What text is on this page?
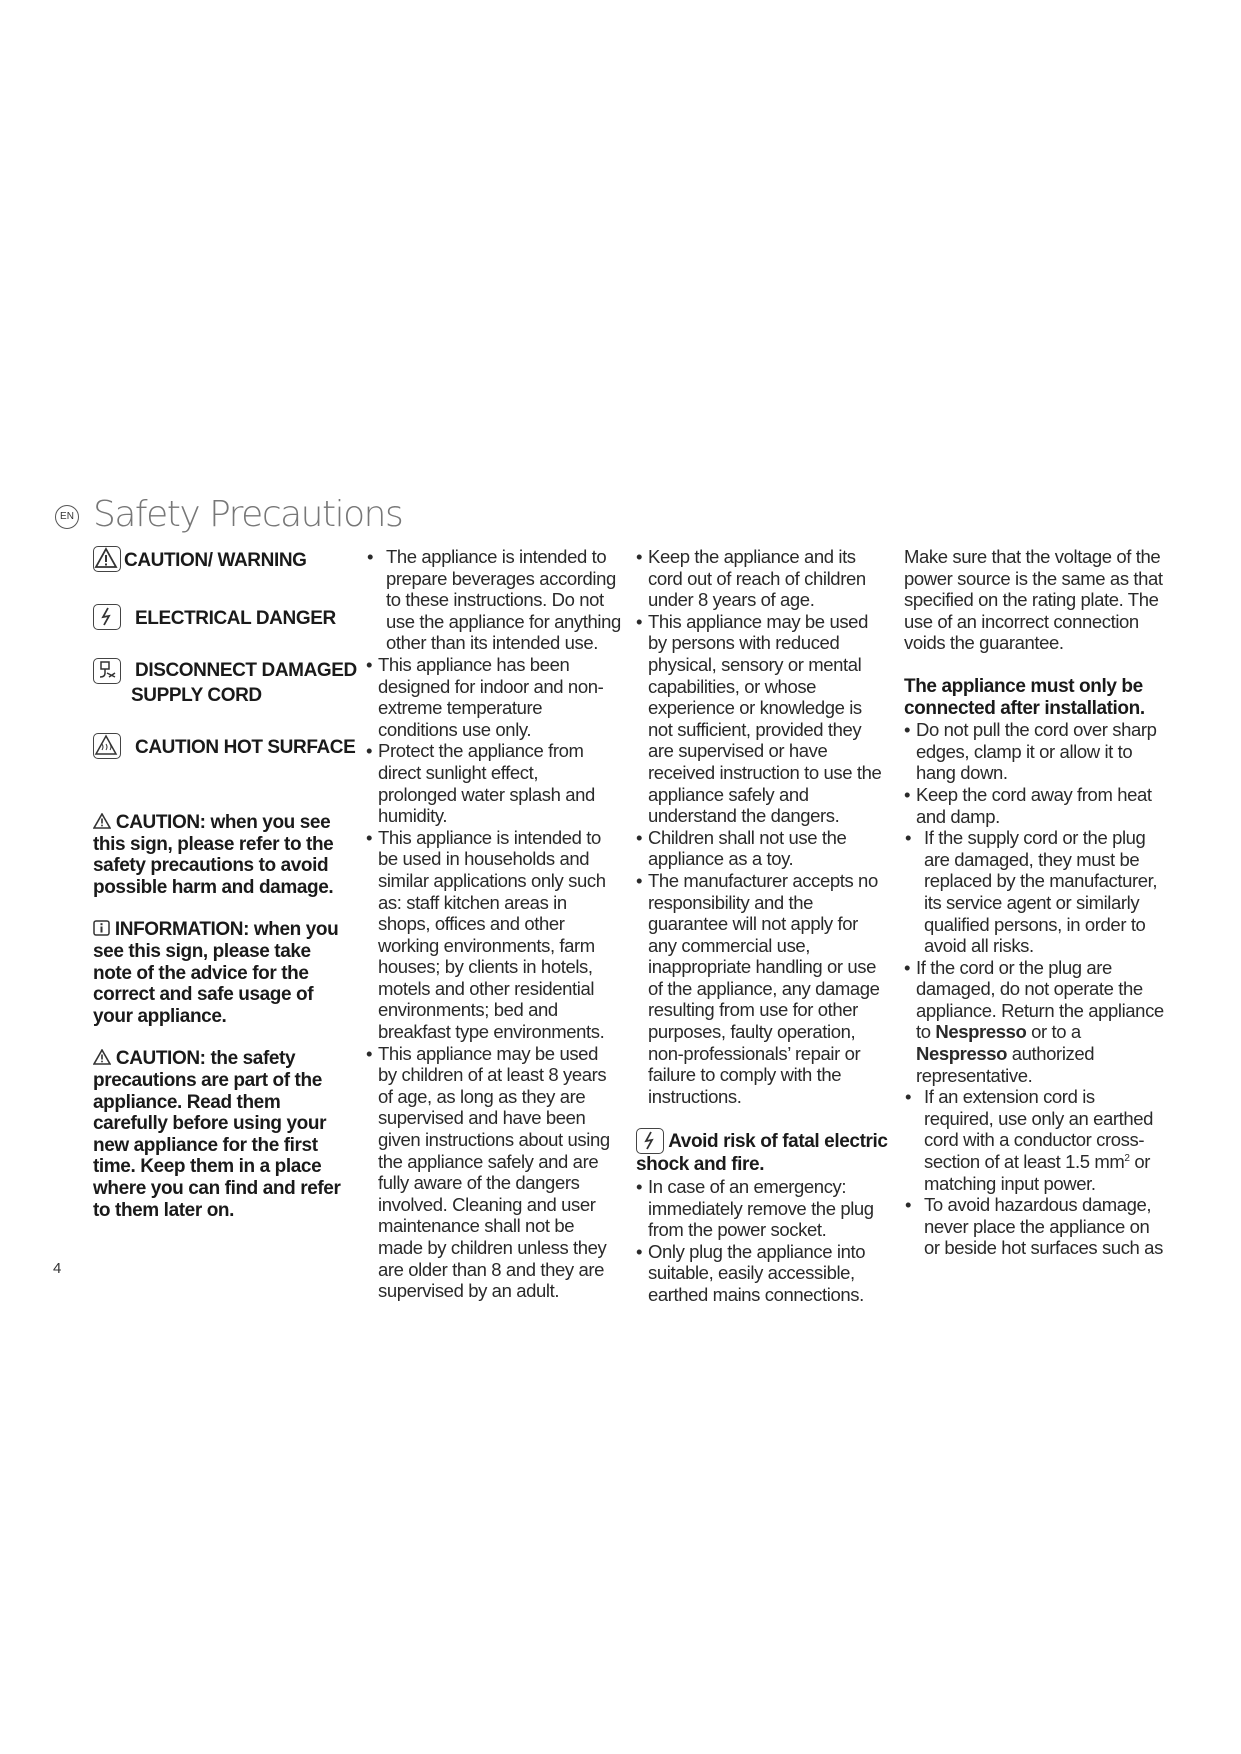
EN Safety Precautions
CAUTION/ WARNING
ELECTRICAL DANGER
DISCONNECT DAMAGED
SUPPLY CORD
CAUTION HOT SURFACE

CAUTION: when you see this sign, please refer to the safety precautions to avoid possible harm and damage.

INFORMATION: when you see this sign, please take note of the advice for the correct and safe usage of your appliance.

CAUTION: the safety precautions are part of the appliance. Read them carefully before using your new appliance for the first time. Keep them in a place where you can find and refer to them later on.

• The appliance is intended to prepare beverages according to these instructions. Do not use the appliance for anything other than its intended use.
• This appliance has been designed for indoor and non-extreme temperature conditions use only.
• Protect the appliance from direct sunlight effect, prolonged water splash and humidity.
• This appliance is intended to be used in households and similar applications only such as: staff kitchen areas in shops, offices and other working environments, farm houses; by clients in hotels, motels and other residential environments; bed and breakfast type environments.
• This appliance may be used by children of at least 8 years of age, as long as they are supervised and have been given instructions about using the appliance safely and are fully aware of the dangers involved. Cleaning and user maintenance shall not be made by children unless they are older than 8 and they are supervised by an adult.
• Keep the appliance and its cord out of reach of children under 8 years of age.
• This appliance may be used by persons with reduced physical, sensory or mental capabilities, or whose experience or knowledge is not sufficient, provided they are supervised or have received instruction to use the appliance safely and understand the dangers.
• Children shall not use the appliance as a toy.
• The manufacturer accepts no responsibility and the guarantee will not apply for any commercial use, inappropriate handling or use of the appliance, any damage resulting from use for other purposes, faulty operation, non-professionals’ repair or failure to comply with the instructions.

Avoid risk of fatal electric shock and fire.

• In case of an emergency: immediately remove the plug from the power socket.
• Only plug the appliance into suitable, easily accessible, earthed mains connections.

Make sure that the voltage of the power source is the same as that specified on the rating plate. The use of an incorrect connection voids the guarantee.

The appliance must only be connected after installation.

• Do not pull the cord over sharp edges, clamp it or allow it to hang down.
• Keep the cord away from heat and damp.
• If the supply cord or the plug are damaged, they must be replaced by the manufacturer, its service agent or similarly qualified persons, in order to avoid all risks.
• If the cord or the plug are damaged, do not operate the appliance. Return the appliance to Nespresso or to a Nespresso authorized representative.
• If an extension cord is required, use only an earthed cord with a conductor cross-section of at least 1.5 $mm^2$ or matching input power.
• To avoid hazardous damage, never place the appliance on or beside hot surfaces such as
4
